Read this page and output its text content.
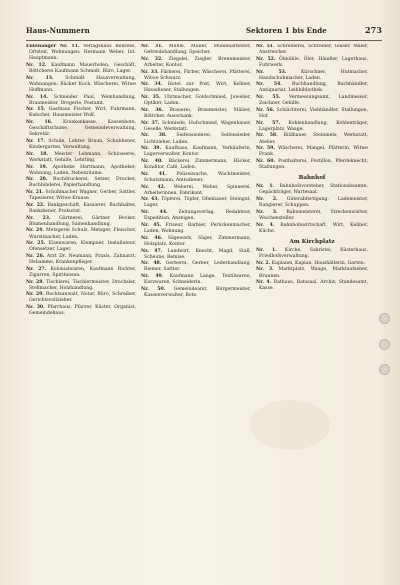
Haus-Nummern	Sektoren 1 bis Ende	273
Entenanger Nr. 11. Verlagshaus Behrens, Ortsteil, Wohnungen: Hermann Weber, Int. Hauptmann.
Nr. 12. Kaufmann Mauerhofen, Geschäft, Böttcherei Kaufmann Schmidt, Büro, Lager.
Nr. 13. Schmidt Hausverwaltung, Wohnungen: Bäcker Koch, Wäscherei, Witwe Hoffmann.
Nr. 14. Schneider Paul, Weinhandlung, Braumeister, Drogerie, Postamt.
Nr. 15. Gasthaus Fischer, Wirt, Fuhrmann, Kutscher, Hausmeister Wolf.
Nr. 16. Krankenkasse, Kassenbote, Geschäftsräume, Gemeindeverwaltung, Sekretär.
Nr. 17. Schule, Lehrer Braun, Schuldiener, Kindergarten, Verwaltung.
Nr. 18. Meister Lehmann, Schlosserei, Werkstatt, Gehilfe, Lehrling.
Nr. 19. Apotheke Hartmann, Apotheker, Wohnung, Laden, Nebenräume.
Nr. 20. Buchdruckerei, Setzer, Drucker, Buchbinderei, Papierhandlung.
Nr. 21. Schuhmacher Wagner, Gerber, Sattler, Tapezierer, Witwe Krause.
Nr. 22. Bankgeschäft, Kassierer, Buchhalter, Bankdiener, Prokurist.
Nr. 23. Gärtnerei, Gärtner Becker, Blumenhandlung, Samenhandlung.
Nr. 24. Metzgerei Schulz, Metzger, Fleischer, Wurstmacher, Laden.
Nr. 25. Eisenwaren, Klempner, Installateur, Ofensetzer, Lager.
Nr. 26. Arzt Dr. Neumann, Praxis, Zahnarzt, Hebamme, Krankenpfleger.
Nr. 27. Kolonialwaren, Kaufmann Richter, Zigarren, Spirituosen.
Nr. 28. Tischlerei, Tischlermeister, Drechsler, Stellmacher, Holzhandlung.
Nr. 29. Rechtsanwalt, Notar, Büro, Schreiber, Gerichtsvollzieher.
Nr. 30. Pfarrhaus, Pfarrer, Küster, Organist, Gemeindehaus.
Nr. 31. Mühle, Müller, Mühlenarbeiter, Getreidehandlung, Speicher.
Nr. 32. Ziegelei, Ziegler, Brennmeister, Arbeiter, Kontor.
Nr. 33. Färberei, Färber, Wäscherei, Plätterei, Witwe Schwarz.
Nr. 34. Hotel zur Post, Wirt, Kellner, Hausdiener, Stallungen.
Nr. 35. Uhrmacher, Goldschmied, Juwelier, Optiker, Laden.
Nr. 36. Brauerei, Braumeister, Mälzer, Böttcher, Ausschank.
Nr. 37. Schmiede, Hufschmied, Wagenbauer, Geselle, Werkstatt.
Nr. 38. Seifensiederei, Seifensieder, Lichtzieher, Laden.
Nr. 39. Kaufhaus, Kaufmann, Verkäuferin, Lagerverwalter, Kontor.
Nr. 40. Bäckerei Zimmermann, Bäcker, Konditor, Café, Laden.
Nr. 41. Polizeiwache, Wachtmeister, Schutzmann, Amtsdiener.
Nr. 42. Weberei, Weber, Spinnerei, Arbeiterinnen, Fabrikant.
Nr. 43. Töpferei, Töpfer, Ofenbauer, Steingut, Lager.
Nr. 44. Zeitungsverlag, Redakteur, Expedition, Anzeigen.
Nr. 45. Friseur, Barbier, Perückenmacher, Laden, Wohnung.
Nr. 46. Sägewerk, Säger, Zimmermann, Holzplatz, Kontor.
Nr. 47. Landwirt, Knecht, Magd, Stall, Scheune, Remise.
Nr. 48. Gerberei, Gerber, Lederhandlung, Riemer, Sattler.
Nr. 49. Kaufmann Lange, Textilwaren, Kurzwaren, Schneiderin.
Nr. 50. Gemeindeamt, Bürgermeister, Kassenverwalter, Bote.
Nr. 51. Schreinerei, Schreiner, Glaser, Maler, Anstreicher.
Nr. 52. Ölmühle, Öler, Händler, Lagerhaus, Fuhrwerk.
Nr. 53. Kürschner, Hutmacher, Handschuhmacher, Laden.
Nr. 54. Buchhandlung, Buchhändler, Antiquariat, Leihbibliothek.
Nr. 55. Vermessungsamt, Landmesser, Zeichner, Gehilfe.
Nr. 56. Schlächterei, Viehhändler, Stallungen, Hof.
Nr. 57. Kohlenhandlung, Kohlenträger, Lagerplatz, Waage.
Nr. 58. Bildhauer, Steinmetz, Werkstatt, Atelier.
Nr. 59. Wäscherei, Mangel, Plätterin, Witwe Frank.
Nr. 60. Posthalterei, Postillon, Pferdeknecht, Stallungen.
Bahnhof
Nr. 1. Bahnhofsvorsteher, Stationsbeamte, Gepäckträger, Wartesaal.
Nr. 2. Güterabfertigung, Lademeister, Rangierer, Schuppen.
Nr. 3. Bahnmeisterei, Streckenwärter, Weichensteller.
Nr. 4. Bahnhofswirtschaft, Wirt, Kellner, Küche.
Am Kirchplatz
Nr. 1. Kirche, Sakristei, Küsterhaus, Friedhofsverwaltung.
Nr. 2. Kaplanei, Kaplan, Haushälterin, Garten.
Nr. 3. Marktplatz, Waage, Marktaufseher, Brunnen.
Nr. 4. Rathaus, Ratssaal, Archiv, Standesamt, Kasse.
